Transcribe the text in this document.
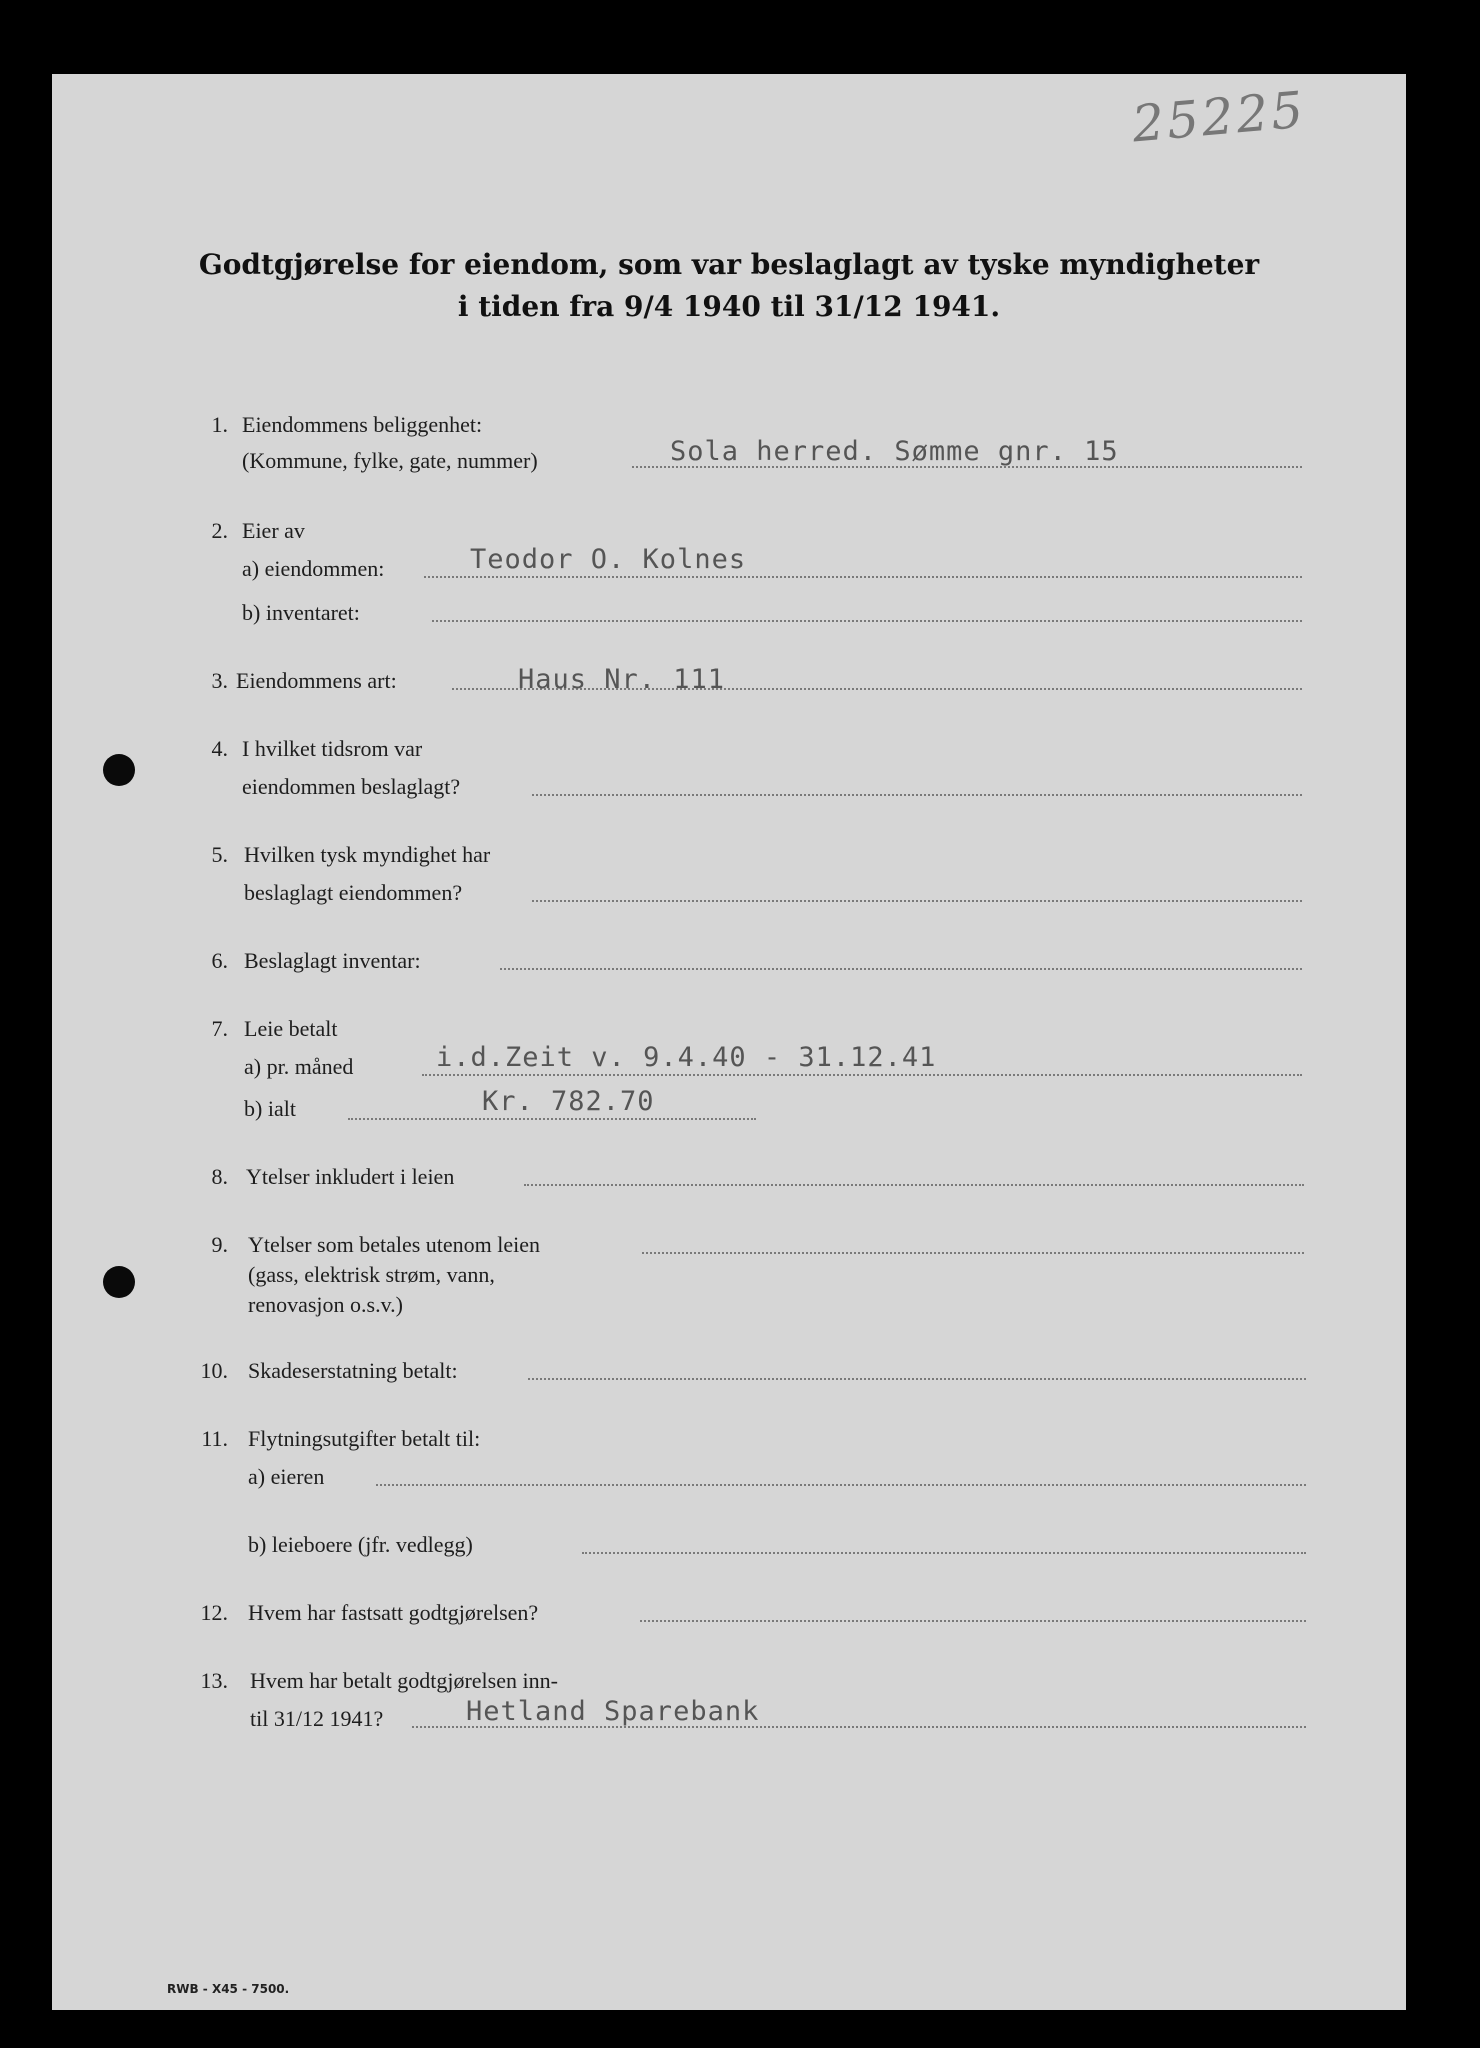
25225
Godtgjørelse for eiendom, som var beslaglagt av tyske myndigheter
i tiden fra 9/4 1940 til 31/12 1941.
1. Eiendommens beliggenhet:
(Kommune, fylke, gate, nummer)	Sola herred. Sømme gnr. 15
2. Eier av
a) eiendommen:	Teodor O. Kolnes
b) inventaret:
3. Eiendommens art:	Haus Nr. 111
4. I hvilket tidsrom var
eiendommen beslaglagt?
5. Hvilken tysk myndighet har
beslaglagt eiendommen?
6. Beslaglagt inventar:
7. Leie betalt
a) pr. måned	i.d.Zeit v. 9.4.40 - 31.12.41
b) ialt	Kr. 782.70
8. Ytelser inkludert i leien
9. Ytelser som betales utenom leien
(gass, elektrisk strøm, vann,
renovasjon o.s.v.)
10. Skadeserstatning betalt:
11. Flytningsutgifter betalt til:
a) eieren
b) leieboere (jfr. vedlegg)
12. Hvem har fastsatt godtgjørelsen?
13. Hvem har betalt godtgjørelsen inn-
til 31/12 1941?	Hetland Sparebank
RWB - X45 - 7500.
